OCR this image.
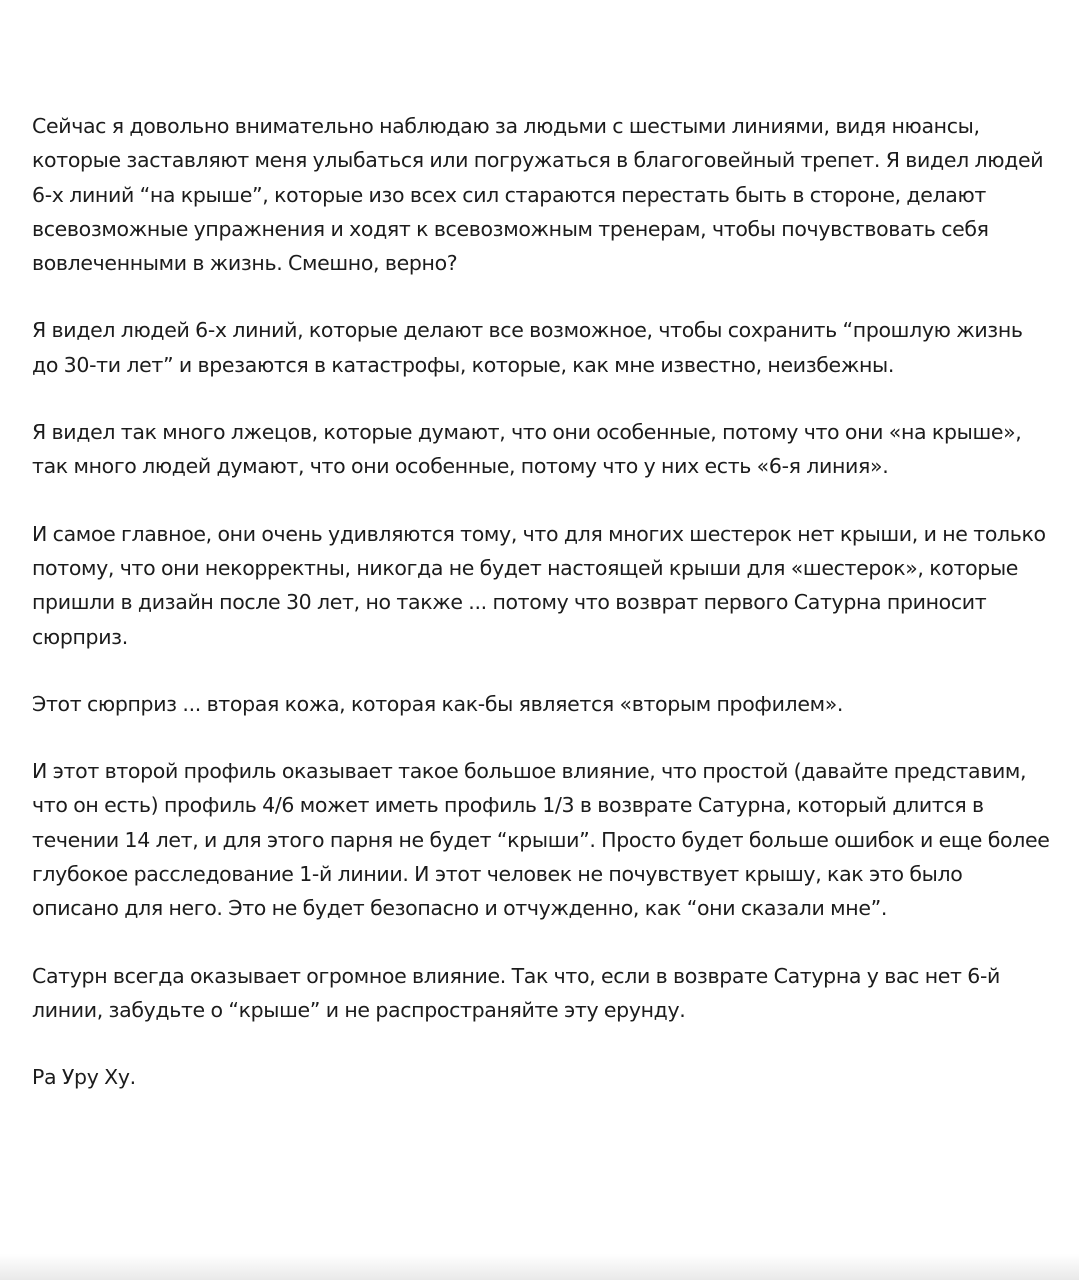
Сейчас я довольно внимательно наблюдаю за людьми с шестыми линиями, видя нюансы, которые заставляют меня улыбаться или погружаться в благоговейный трепет. Я видел людей 6-х линий “на крыше”, которые изо всех сил стараются перестать быть в стороне, делают всевозможные упражнения и ходят к всевозможным тренерам, чтобы почувствовать себя вовлеченными в жизнь. Смешно, верно?

Я видел людей 6-х линий, которые делают все возможное, чтобы сохранить “прошлую жизнь до 30-ти лет” и врезаются в катастрофы, которые, как мне известно, неизбежны.

Я видел так много лжецов, которые думают, что они особенные, потому что они «на крыше», так много людей думают, что они особенные, потому что у них есть «6-я линия».

И самое главное, они очень удивляются тому, что для многих шестерок нет крыши, и не только потому, что они некорректны, никогда не будет настоящей крыши для «шестерок», которые пришли в дизайн после 30 лет, но также ... потому что возврат первого Сатурна приносит сюрприз.

Этот сюрприз ... вторая кожа, которая как-бы является «вторым профилем».

И этот второй профиль оказывает такое большое влияние, что простой (давайте представим, что он есть) профиль 4/6 может иметь профиль 1/3 в возврате Сатурна, который длится в течении 14 лет, и для этого парня не будет “крыши”. Просто будет больше ошибок и еще более глубокое расследование 1-й линии. И этот человек не почувствует крышу, как это было описано для него. Это не будет безопасно и отчужденно, как “они сказали мне”.

Сатурн всегда оказывает огромное влияние. Так что, если в возврате Сатурна у вас нет 6-й линии, забудьте о “крыше” и не распространяйте эту ерунду.

Ра Уру Ху.
